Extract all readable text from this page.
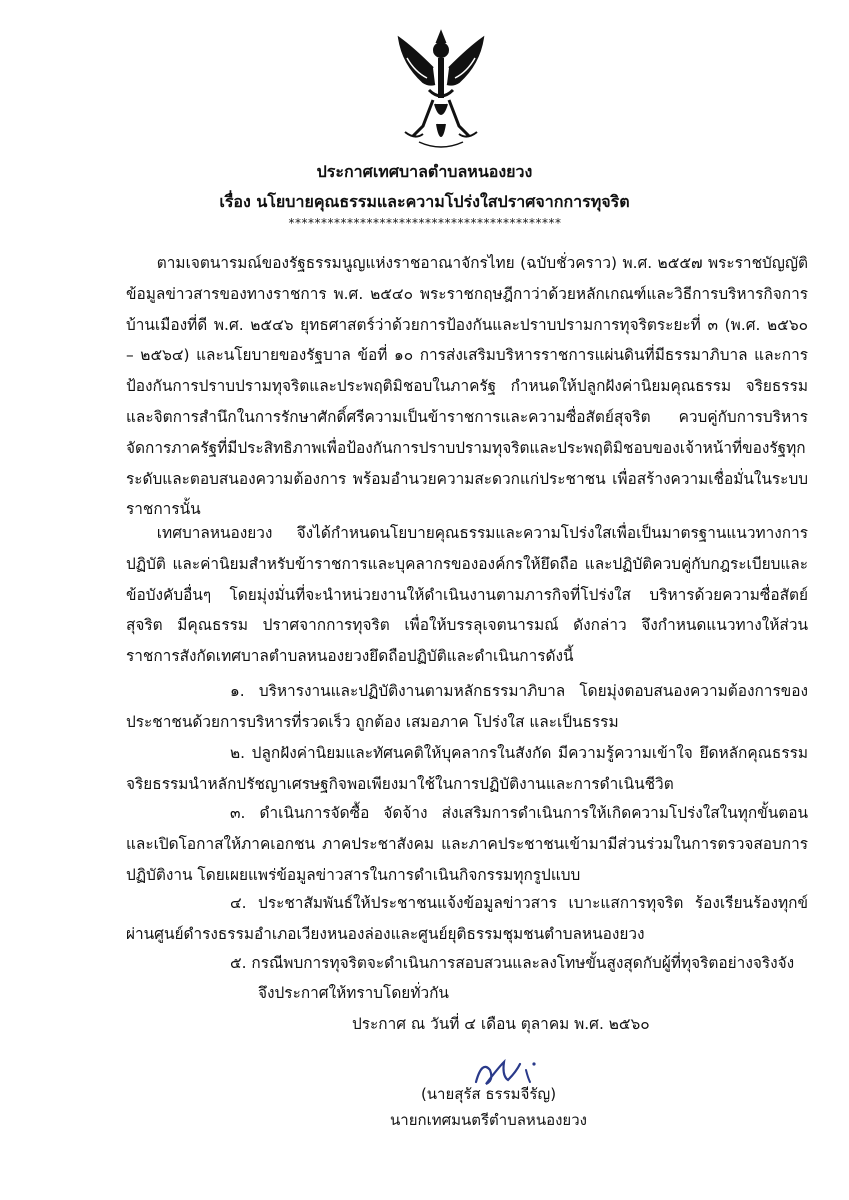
ประกาศเทศบาลตำบลหนองยวง
เรื่อง นโยบายคุณธรรมและความโปร่งใสปราศจากการทุจริต
******************************************
ตามเจตนารมณ์ของรัฐธรรมนูญแห่งราชอาณาจักรไทย (ฉบับชั่วคราว) พ.ศ. ๒๕๕๗ พระราชบัญญัติข้อมูลข่าวสารของทางราชการ พ.ศ. ๒๕๔๐ พระราชกฤษฎีกาว่าด้วยหลักเกณฑ์และวิธีการบริหารกิจการบ้านเมืองที่ดี พ.ศ. ๒๕๔๖ ยุทธศาสตร์ว่าด้วยการป้องกันและปราบปรามการทุจริตระยะที่ ๓ (พ.ศ. ๒๕๖๐ – ๒๕๖๔) และนโยบายของรัฐบาล ข้อที่ ๑๐ การส่งเสริมบริหารราชการแผ่นดินที่มีธรรมาภิบาล และการป้องกันการปราบปรามทุจริตและประพฤติมิชอบในภาครัฐ กำหนดให้ปลูกฝังค่านิยมคุณธรรม จริยธรรม และจิตการสำนึกในการรักษาศักดิ์ศรีความเป็นข้าราชการและความซื่อสัตย์สุจริต ควบคู่กับการบริหารจัดการภาครัฐที่มีประสิทธิภาพเพื่อป้องกันการปราบปรามทุจริตและประพฤติมิชอบของเจ้าหน้าที่ของรัฐทุกระดับและตอบสนองความต้องการ พร้อมอำนวยความสะดวกแก่ประชาชน เพื่อสร้างความเชื่อมั่นในระบบราชการนั้น
เทศบาลหนองยวง จึงได้กำหนดนโยบายคุณธรรมและความโปร่งใสเพื่อเป็นมาตรฐานแนวทางการปฏิบัติ และค่านิยมสำหรับข้าราชการและบุคลากรขององค์กรให้ยึดถือ และปฏิบัติควบคู่กับกฎระเบียบและข้อบังคับอื่นๆ โดยมุ่งมั่นที่จะนำหน่วยงานให้ดำเนินงานตามภารกิจที่โปร่งใส บริหารด้วยความซื่อสัตย์สุจริต มีคุณธรรม ปราศจากการทุจริต เพื่อให้บรรลุเจตนารมณ์ ดังกล่าว จึงกำหนดแนวทางให้ส่วนราชการสังกัดเทศบาลตำบลหนองยวงยึดถือปฏิบัติและดำเนินการดังนี้
๑. บริหารงานและปฏิบัติงานตามหลักธรรมาภิบาล โดยมุ่งตอบสนองความต้องการของประชาชนด้วยการบริหารที่รวดเร็ว ถูกต้อง เสมอภาค โปร่งใส และเป็นธรรม
๒. ปลูกฝังค่านิยมและทัศนคติให้บุคลากรในสังกัด มีความรู้ความเข้าใจ ยึดหลักคุณธรรม จริยธรรมนำหลักปรัชญาเศรษฐกิจพอเพียงมาใช้ในการปฏิบัติงานและการดำเนินชีวิต
๓. ดำเนินการจัดซื้อ จัดจ้าง ส่งเสริมการดำเนินการให้เกิดความโปร่งใสในทุกขั้นตอน และเปิดโอกาสให้ภาคเอกชน ภาคประชาสังคม และภาคประชาชนเข้ามามีส่วนร่วมในการตรวจสอบการปฏิบัติงาน โดยเผยแพร่ข้อมูลข่าวสารในการดำเนินกิจกรรมทุกรูปแบบ
๔. ประชาสัมพันธ์ให้ประชาชนแจ้งข้อมูลข่าวสาร เบาะแสการทุจริต ร้องเรียนร้องทุกข์ ผ่านศูนย์ดำรงธรรมอำเภอเวียงหนองล่องและศูนย์ยุติธรรมชุมชนตำบลหนองยวง
๕. กรณีพบการทุจริตจะดำเนินการสอบสวนและลงโทษขั้นสูงสุดกับผู้ที่ทุจริตอย่างจริงจัง
จึงประกาศให้ทราบโดยทั่วกัน
ประกาศ ณ วันที่ ๔ เดือน ตุลาคม พ.ศ. ๒๕๖๐
(นายสุรัส ธรรมจีรัญ)
นายกเทศมนตรีตำบลหนองยวง
